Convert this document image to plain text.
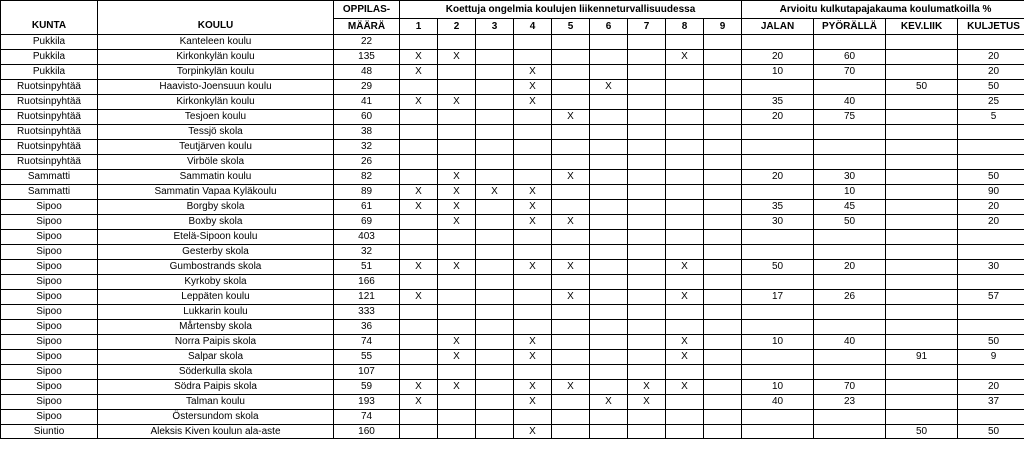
KUNTA	KOULU	OPPILAS-	Koettuja ongelmia koulujen liikenneturvallisuudessa									Arvioitu kulkutapajakauma koulumatkoilla %			
		MÄÄRÄ	1	2	3	4	5	6	7	8	9	JALAN	PYÖRÄLLÄ	KEV.LIIK	KULJETUS
Pukkila	Kanteleen koulu	22													
Pukkila	Kirkonkylän koulu	135	X	X						X		20	60		20
Pukkila	Torpinkylän koulu	48	X			X						10	70		20
Ruotsinpyhtää	Haavisto-Joensuun koulu	29				X		X						50	50
Ruotsinpyhtää	Kirkonkylän koulu	41	X	X		X						35	40		25
Ruotsinpyhtää	Tesjoen koulu	60					X					20	75		5
Ruotsinpyhtää	Tessjö skola	38													
Ruotsinpyhtää	Teutjärven koulu	32													
Ruotsinpyhtää	Virböle skola	26													
Sammatti	Sammatin koulu	82		X			X					20	30		50
Sammatti	Sammatin Vapaa Kyläkoulu	89	X	X	X	X							10		90
Sipoo	Borgby skola	61	X	X		X						35	45		20
Sipoo	Boxby skola	69		X		X	X					30	50		20
Sipoo	Etelä-Sipoon koulu	403													
Sipoo	Gesterby skola	32													
Sipoo	Gumbostrands skola	51	X	X		X	X			X		50	20		30
Sipoo	Kyrkoby skola	166													
Sipoo	Leppäten koulu	121	X				X			X		17	26		57
Sipoo	Lukkarin koulu	333													
Sipoo	Mårtensby skola	36													
Sipoo	Norra Paipis skola	74		X		X				X		10	40		50
Sipoo	Salpar skola	55		X		X				X				91	9
Sipoo	Söderkulla skola	107													
Sipoo	Södra Paipis skola	59	X	X		X	X		X	X		10	70		20
Sipoo	Talman koulu	193	X			X		X	X			40	23		37
Sipoo	Östersundom skola	74													
Siuntio	Aleksis Kiven koulun ala-aste	160				X								50	50
